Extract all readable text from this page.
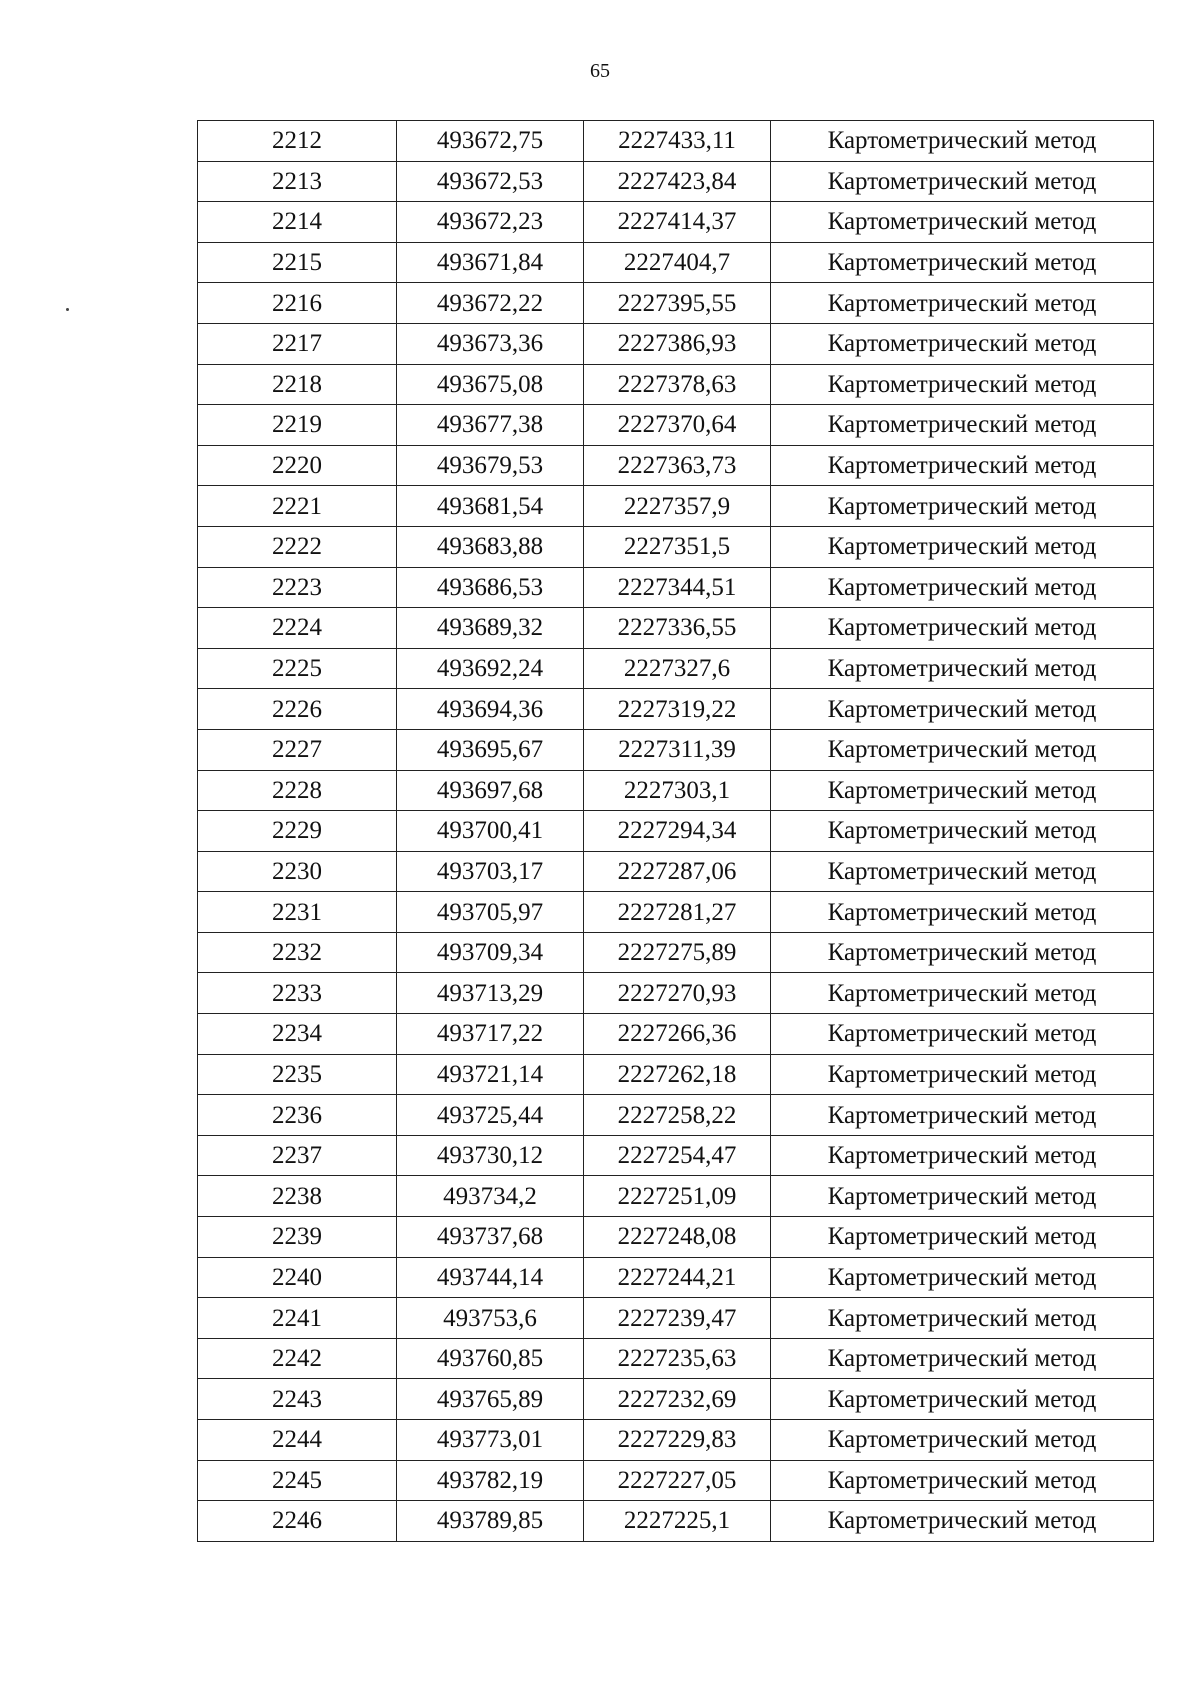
65
2212	493672,75	2227433,11	Картометрический метод
2213	493672,53	2227423,84	Картометрический метод
2214	493672,23	2227414,37	Картометрический метод
2215	493671,84	2227404,7	Картометрический метод
2216	493672,22	2227395,55	Картометрический метод
2217	493673,36	2227386,93	Картометрический метод
2218	493675,08	2227378,63	Картометрический метод
2219	493677,38	2227370,64	Картометрический метод
2220	493679,53	2227363,73	Картометрический метод
2221	493681,54	2227357,9	Картометрический метод
2222	493683,88	2227351,5	Картометрический метод
2223	493686,53	2227344,51	Картометрический метод
2224	493689,32	2227336,55	Картометрический метод
2225	493692,24	2227327,6	Картометрический метод
2226	493694,36	2227319,22	Картометрический метод
2227	493695,67	2227311,39	Картометрический метод
2228	493697,68	2227303,1	Картометрический метод
2229	493700,41	2227294,34	Картометрический метод
2230	493703,17	2227287,06	Картометрический метод
2231	493705,97	2227281,27	Картометрический метод
2232	493709,34	2227275,89	Картометрический метод
2233	493713,29	2227270,93	Картометрический метод
2234	493717,22	2227266,36	Картометрический метод
2235	493721,14	2227262,18	Картометрический метод
2236	493725,44	2227258,22	Картометрический метод
2237	493730,12	2227254,47	Картометрический метод
2238	493734,2	2227251,09	Картометрический метод
2239	493737,68	2227248,08	Картометрический метод
2240	493744,14	2227244,21	Картометрический метод
2241	493753,6	2227239,47	Картометрический метод
2242	493760,85	2227235,63	Картометрический метод
2243	493765,89	2227232,69	Картометрический метод
2244	493773,01	2227229,83	Картометрический метод
2245	493782,19	2227227,05	Картометрический метод
2246	493789,85	2227225,1	Картометрический метод
